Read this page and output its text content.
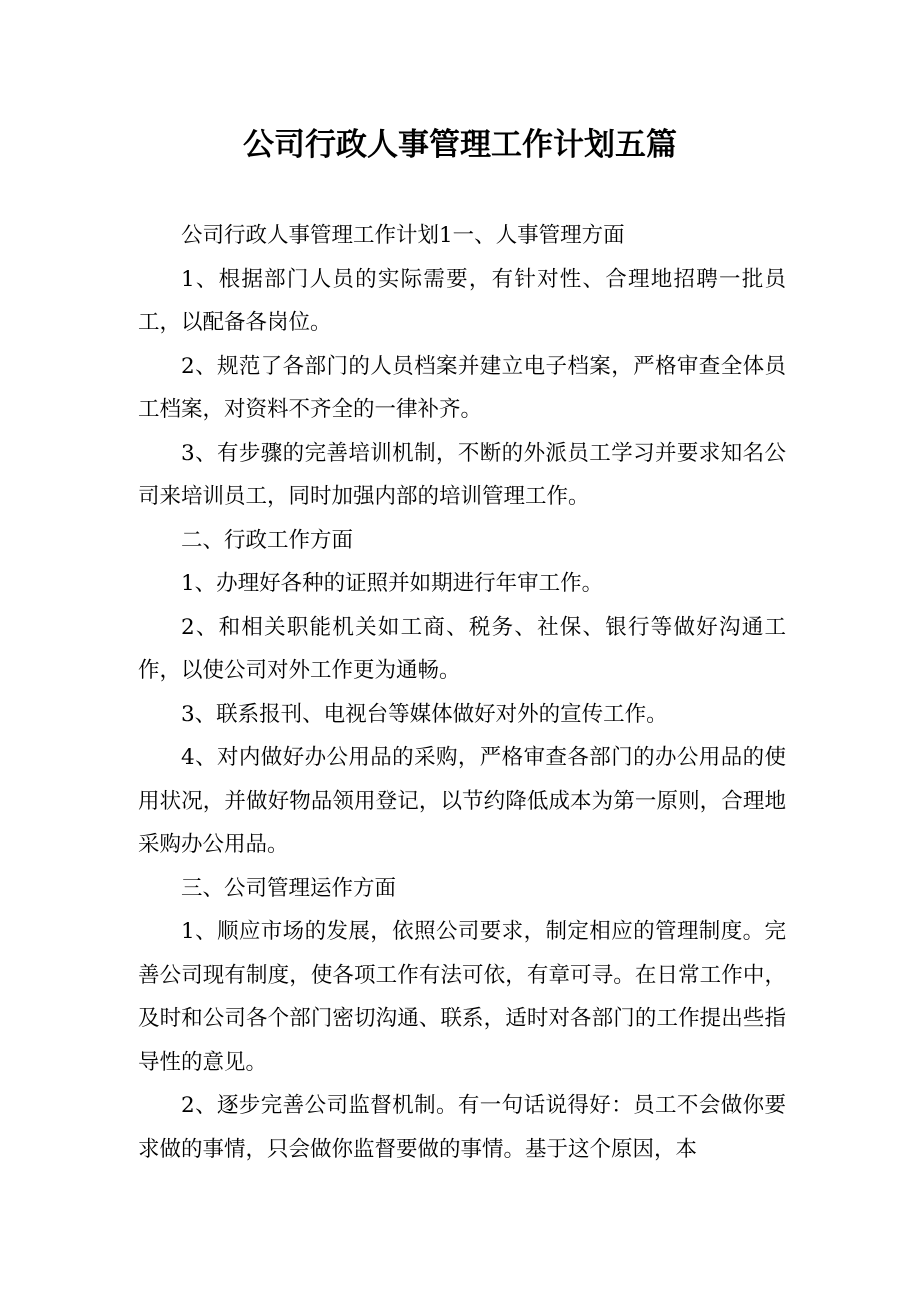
公司行政人事管理工作计划五篇

公司行政人事管理工作计划1一、人事管理方面

1、根据部门人员的实际需要，有针对性、合理地招聘一批员工，以配备各岗位。

2、规范了各部门的人员档案并建立电子档案，严格审查全体员工档案，对资料不齐全的一律补齐。

3、有步骤的完善培训机制，不断的外派员工学习并要求知名公司来培训员工，同时加强内部的培训管理工作。

二、行政工作方面

1、办理好各种的证照并如期进行年审工作。

2、和相关职能机关如工商、税务、社保、银行等做好沟通工作，以使公司对外工作更为通畅。

3、联系报刊、电视台等媒体做好对外的宣传工作。

4、对内做好办公用品的采购，严格审查各部门的办公用品的使用状况，并做好物品领用登记，以节约降低成本为第一原则，合理地采购办公用品。

三、公司管理运作方面

1、顺应市场的发展，依照公司要求，制定相应的管理制度。完善公司现有制度，使各项工作有法可依，有章可寻。在日常工作中，及时和公司各个部门密切沟通、联系，适时对各部门的工作提出些指导性的意见。

2、逐步完善公司监督机制。有一句话说得好：员工不会做你要求做的事情，只会做你监督要做的事情。基于这个原因，本
